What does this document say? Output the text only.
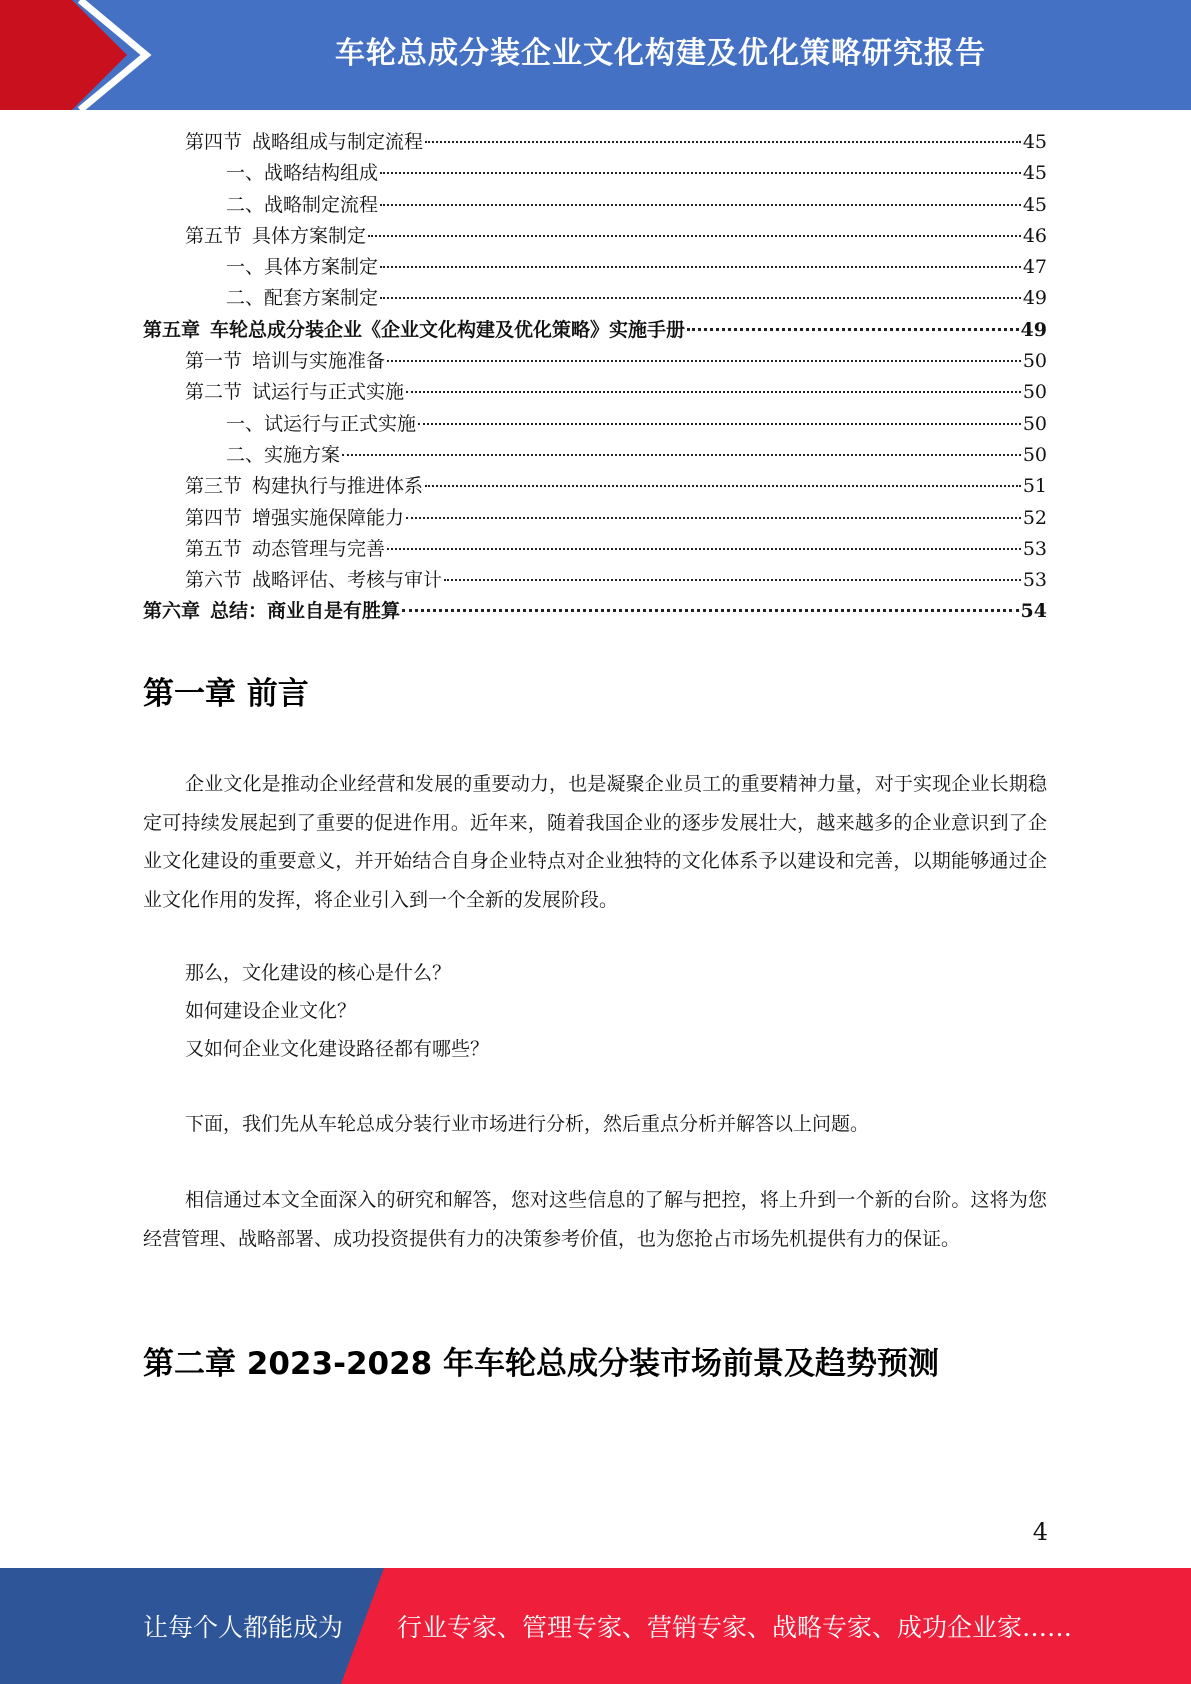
车轮总成分装企业文化构建及优化策略研究报告
第四节 战略组成与制定流程	45
一、战略结构组成	45
二、战略制定流程	45
第五节 具体方案制定	46
一、具体方案制定	47
二、配套方案制定	49
第五章 车轮总成分装企业《企业文化构建及优化策略》实施手册	49
第一节 培训与实施准备	50
第二节 试运行与正式实施	50
一、试运行与正式实施	50
二、实施方案	50
第三节 构建执行与推进体系	51
第四节 增强实施保障能力	52
第五节 动态管理与完善	53
第六节 战略评估、考核与审计	53
第六章 总结：商业自是有胜算	54
第一章 前言

企业文化是推动企业经营和发展的重要动力，也是凝聚企业员工的重要精神力量，对于实现企业长期稳定可持续发展起到了重要的促进作用。近年来，随着我国企业的逐步发展壮大，越来越多的企业意识到了企业文化建设的重要意义，并开始结合自身企业特点对企业独特的文化体系予以建设和完善，以期能够通过企业文化作用的发挥，将企业引入到一个全新的发展阶段。

那么，文化建设的核心是什么？
如何建设企业文化？
又如何企业文化建设路径都有哪些？

下面，我们先从车轮总成分装行业市场进行分析，然后重点分析并解答以上问题。

相信通过本文全面深入的研究和解答，您对这些信息的了解与把控，将上升到一个新的台阶。这将为您经营管理、战略部署、成功投资提供有力的决策参考价值，也为您抢占市场先机提供有力的保证。

第二章 2023-2028 年车轮总成分装市场前景及趋势预测
4
让每个人都能成为 行业专家、管理专家、营销专家、战略专家、成功企业家……
